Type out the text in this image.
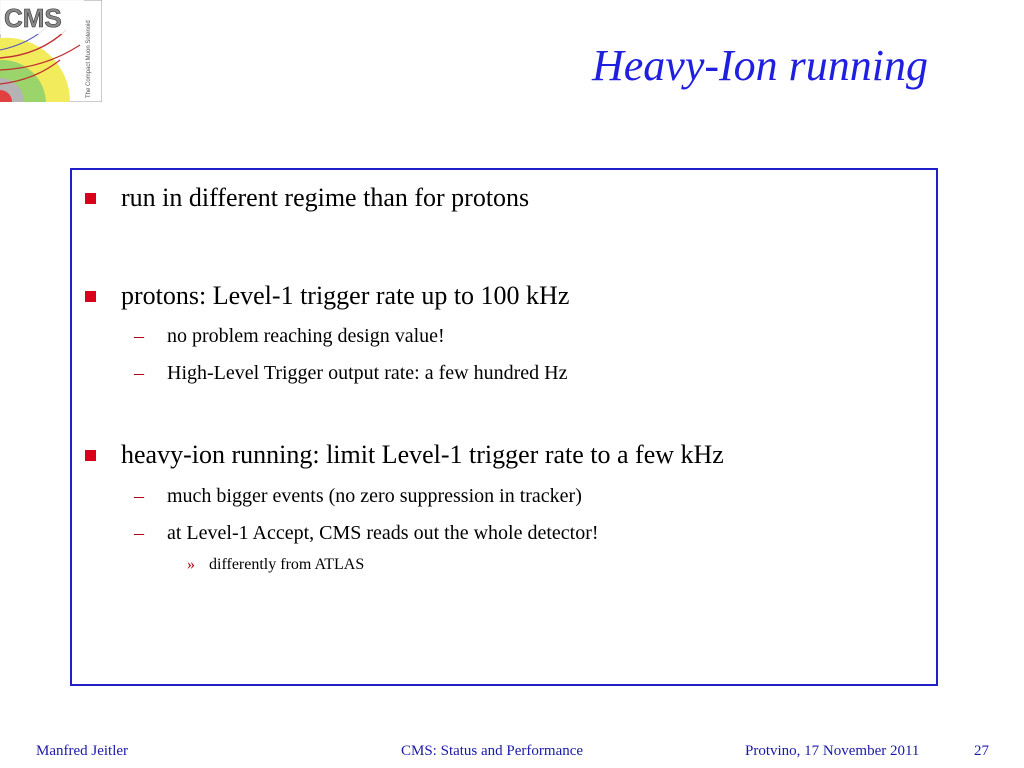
CMS
The Compact Muon Solenoid	Heavy-Ion running
run in different regime than for protons
protons: Level-1 trigger rate up to 100 kHz
– no problem reaching design value!
– High-Level Trigger output rate: a few hundred Hz
heavy-ion running: limit Level-1 trigger rate to a few kHz
– much bigger events (no zero suppression in tracker)
– at Level-1 Accept, CMS reads out the whole detector!
» differently from ATLAS
Manfred Jeitler	CMS: Status and Performance	Protvino, 17 November 2011	27
